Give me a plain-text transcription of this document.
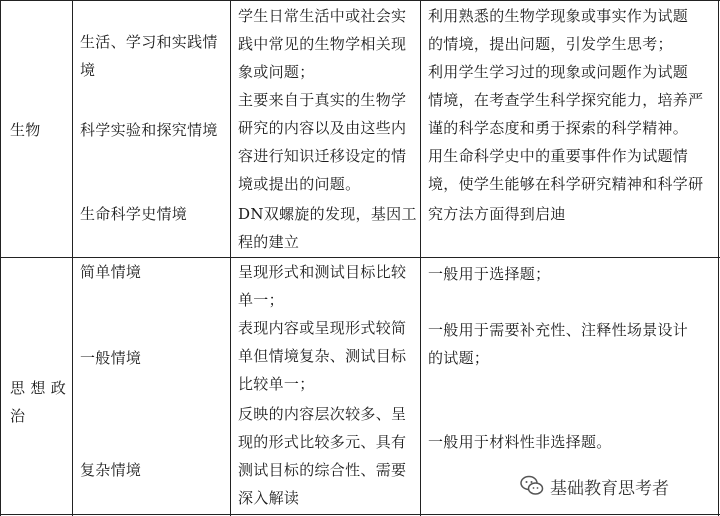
生物
生活、学习和实践情
境
科学实验和探究情境
生命科学史情境
学生日常生活中或社会实
践中常见的生物学相关现
象或问题；
主要来自于真实的生物学
研究的内容以及由这些内
容进行知识迁移设定的情
境或提出的问题。
DN双螺旋的发现，基因工
程的建立
利用熟悉的生物学现象或事实作为试题
的情境，提出问题，引发学生思考；
利用学生学习过的现象或问题作为试题
情境，在考查学生科学探究能力，培养严
谨的科学态度和勇于探索的科学精神。
用生命科学史中的重要事件作为试题情
境，使学生能够在科学研究精神和科学研
究方法方面得到启迪
思 想 政
治
简单情境
一般情境
复杂情境
呈现形式和测试目标比较
单一；
表现内容或呈现形式较简
单但情境复杂、测试目标
比较单一；
反映的内容层次较多、呈
现的形式比较多元、具有
测试目标的综合性、需要
深入解读
一般用于选择题；
一般用于需要补充性、注释性场景设计
的试题；
一般用于材料性非选择题。
基础教育思考者
